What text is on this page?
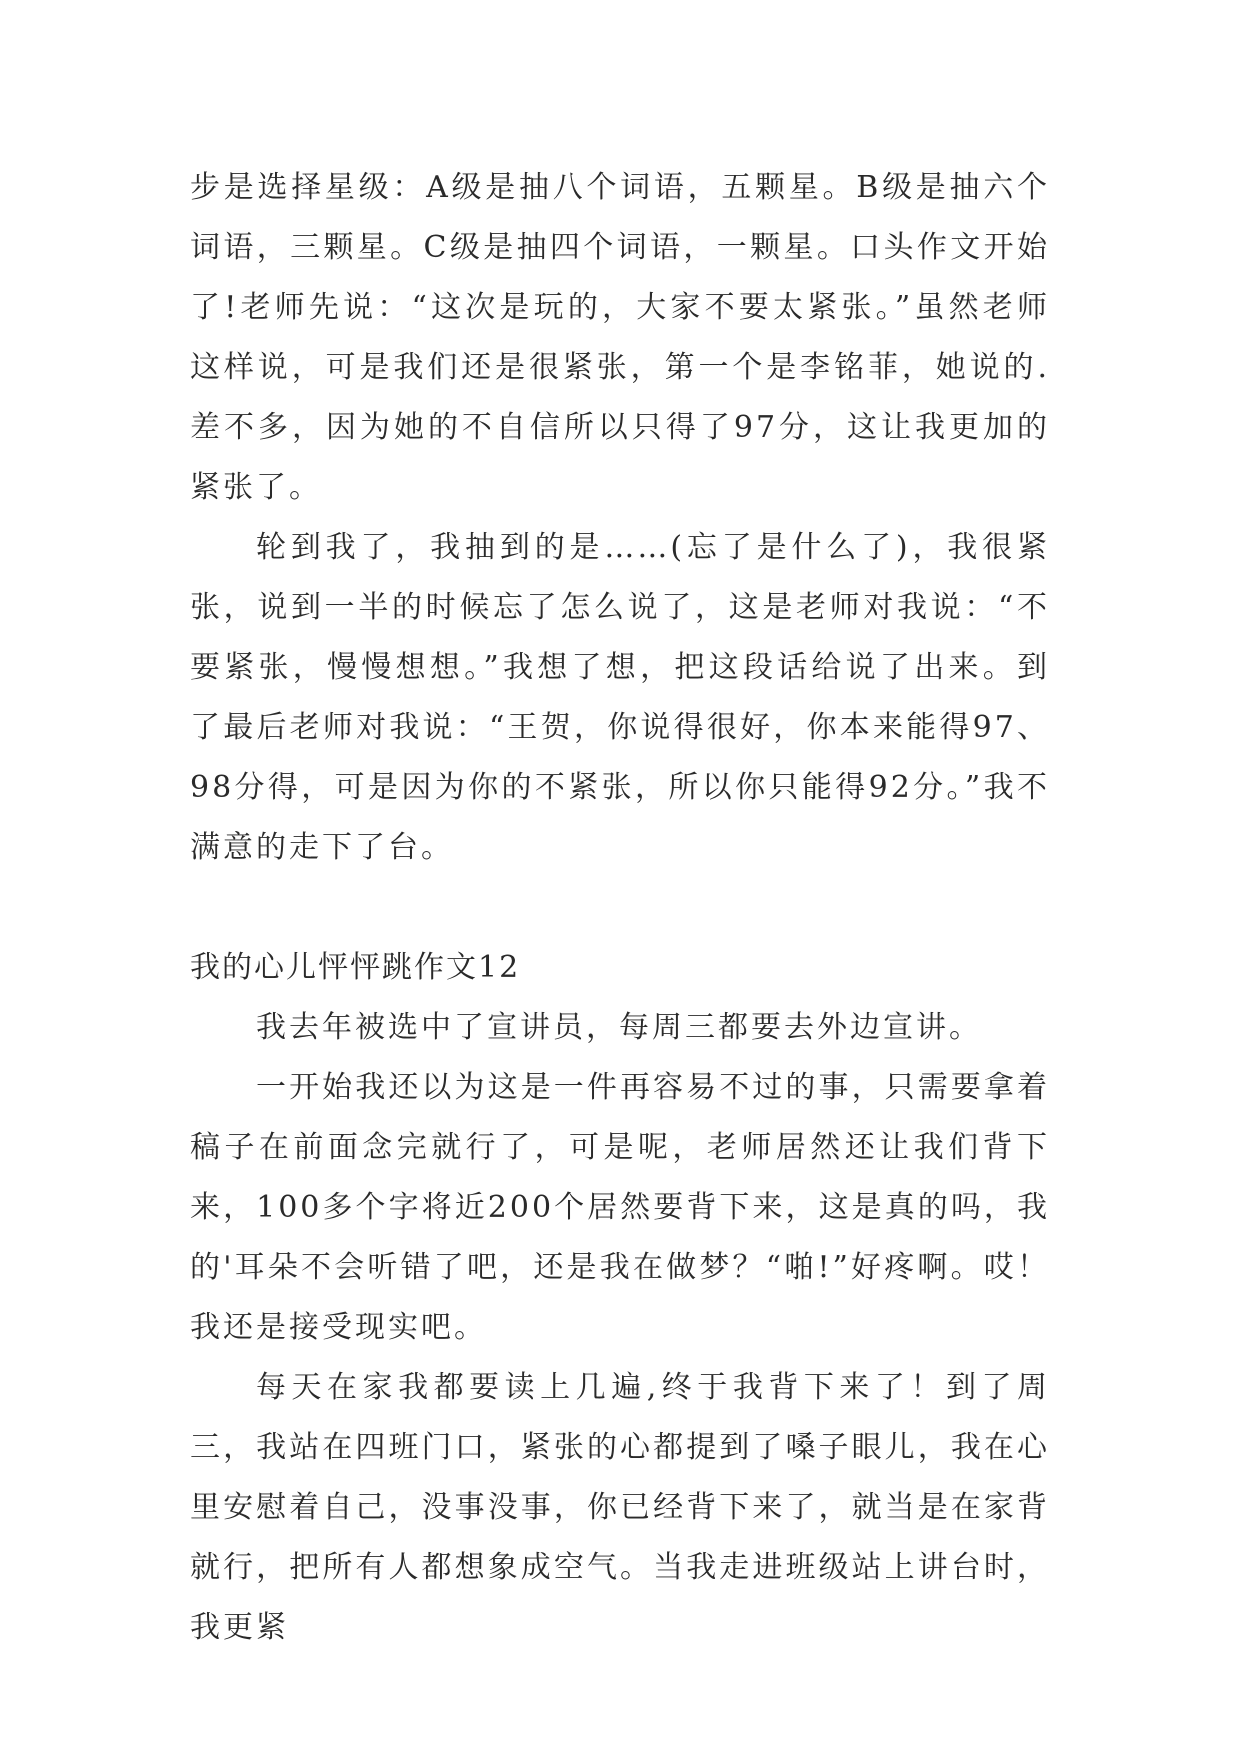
步是选择星级：A级是抽八个词语，五颗星。B级是抽六个词语，三颗星。C级是抽四个词语，一颗星。口头作文开始了!老师先说：“这次是玩的，大家不要太紧张。”虽然老师这样说，可是我们还是很紧张，第一个是李铭菲，她说的.差不多，因为她的不自信所以只得了97分，这让我更加的紧张了。

轮到我了，我抽到的是……(忘了是什么了)，我很紧张，说到一半的时候忘了怎么说了，这是老师对我说：“不要紧张，慢慢想想。”我想了想，把这段话给说了出来。到了最后老师对我说：“王贺，你说得很好，你本来能得97、98分得，可是因为你的不紧张，所以你只能得92分。”我不满意的走下了台。

我的心儿怦怦跳作文12

我去年被选中了宣讲员，每周三都要去外边宣讲。

一开始我还以为这是一件再容易不过的事，只需要拿着稿子在前面念完就行了，可是呢，老师居然还让我们背下来，100多个字将近200个居然要背下来，这是真的吗，我的'耳朵不会听错了吧，还是我在做梦？“啪!”好疼啊。哎！我还是接受现实吧。

每天在家我都要读上几遍,终于我背下来了！到了周三，我站在四班门口，紧张的心都提到了嗓子眼儿，我在心里安慰着自己，没事没事，你已经背下来了，就当是在家背就行，把所有人都想象成空气。当我走进班级站上讲台时，我更紧
